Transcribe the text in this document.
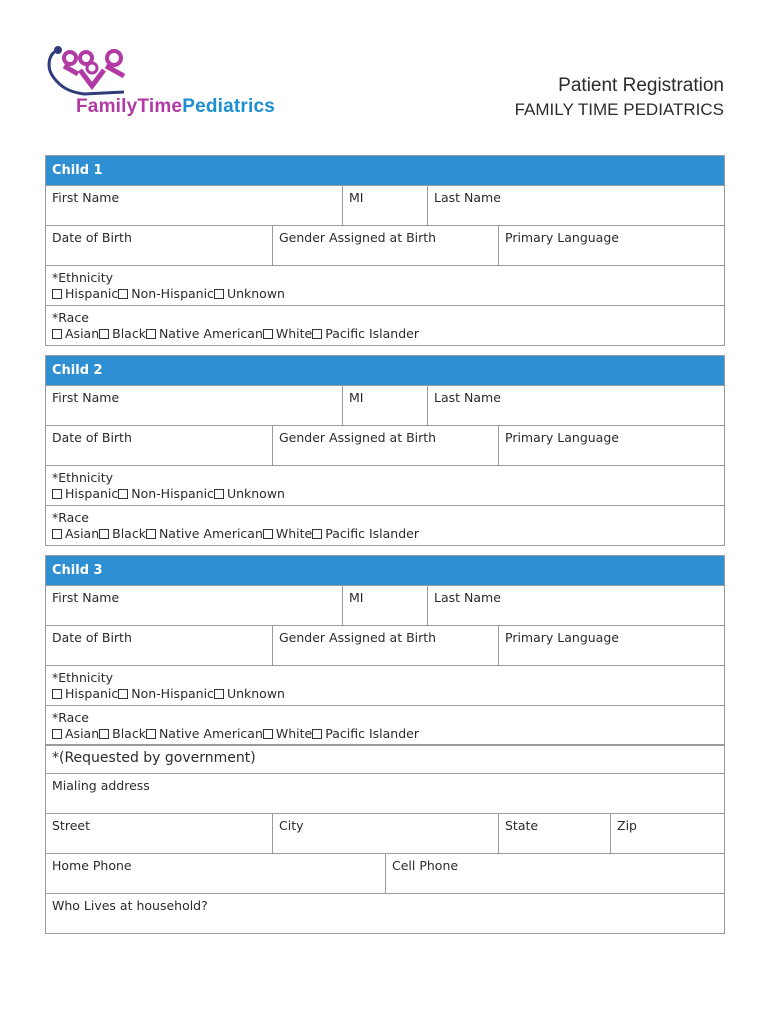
FamilyTimePediatrics
Patient Registration
FAMILY TIME PEDIATRICS
Child 1
First Name	MI	Last Name
Date of Birth	Gender Assigned at Birth	Primary Language
*Ethnicity
Hispanic Non-Hispanic Unknown
*Race
Asian Black Native American White Pacific Islander
Child 2
First Name	MI	Last Name
Date of Birth	Gender Assigned at Birth	Primary Language
*Ethnicity
Hispanic Non-Hispanic Unknown
*Race
Asian Black Native American White Pacific Islander
Child 3
First Name	MI	Last Name
Date of Birth	Gender Assigned at Birth	Primary Language
*Ethnicity
Hispanic Non-Hispanic Unknown
*Race
Asian Black Native American White Pacific Islander
*(Requested by government)
Mialing address
Street	City	State	Zip
Home Phone	Cell Phone
Who Lives at household?
